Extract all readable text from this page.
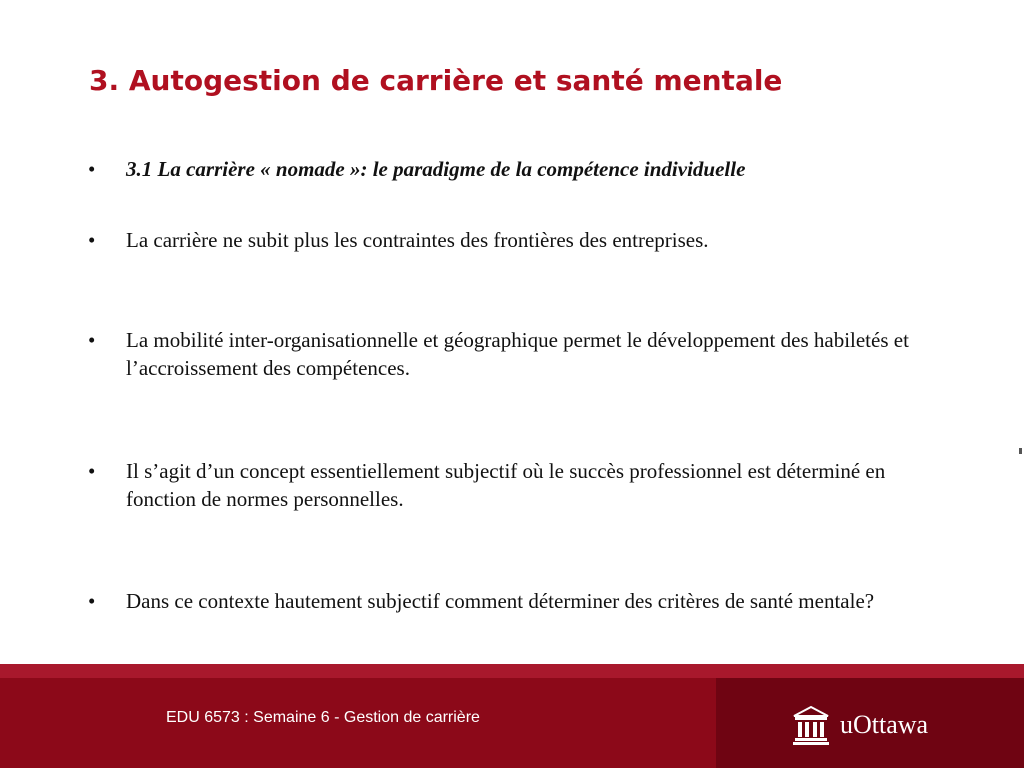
3. Autogestion de carrière et santé mentale
•	3.1 La carrière « nomade »: le paradigme de la compétence individuelle
•	La carrière ne subit plus les contraintes des frontières des entreprises.
•	La mobilité inter-organisationnelle et géographique permet le développement des habiletés et l’accroissement des compétences.
•	Il s’agit d’un concept essentiellement subjectif où le succès professionnel est déterminé en fonction de normes personnelles.
•	Dans ce contexte hautement subjectif comment déterminer des critères de santé mentale?
EDU 6573 : Semaine 6 - Gestion de carrière	uOttawa
